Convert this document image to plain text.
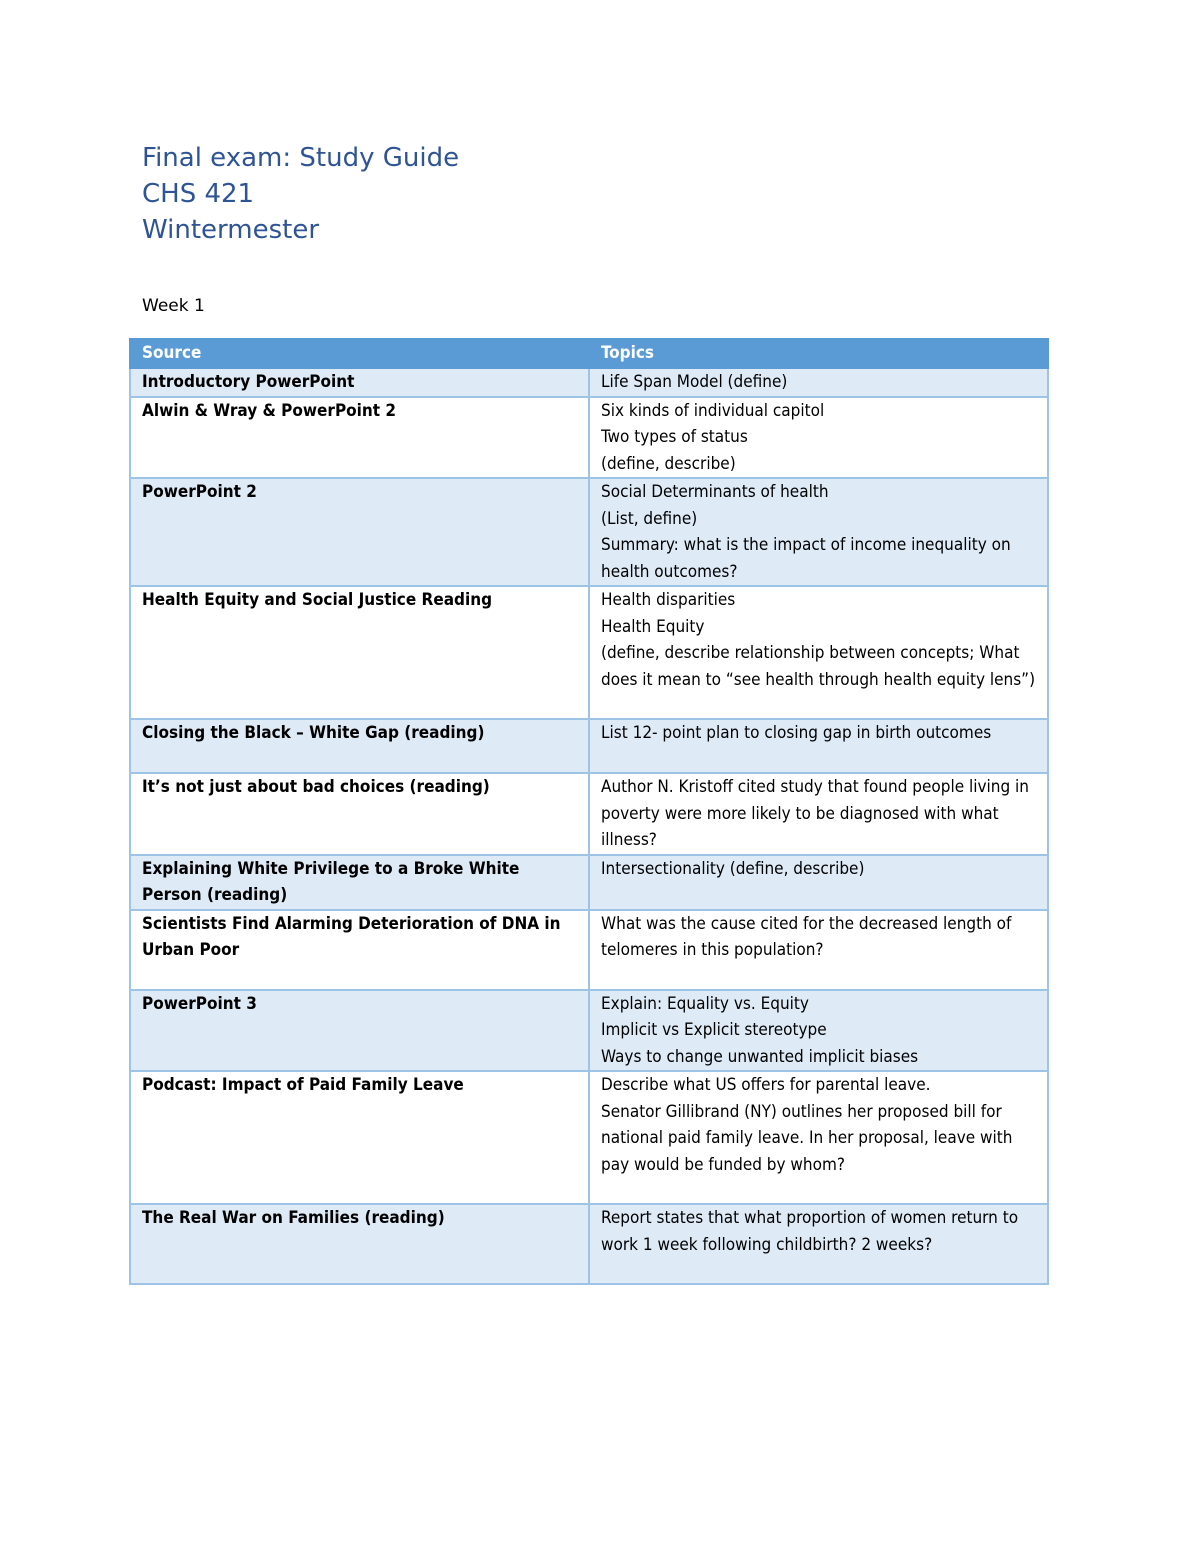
Final exam: Study Guide
CHS 421
Wintermester
Week 1
Source	Topics
Introductory PowerPoint	Life Span Model (define)

Alwin & Wray & PowerPoint 2	Six kinds of individual capitol
Two types of status
(define, describe)

PowerPoint 2	Social Determinants of health
(List, define)
Summary: what is the impact of income inequality on health outcomes?

Health Equity and Social Justice Reading	Health disparities
Health Equity
(define, describe relationship between concepts; What does it mean to “see health through health equity lens”)

Closing the Black – White Gap (reading)	List 12- point plan to closing gap in birth outcomes

It’s not just about bad choices (reading)	Author N. Kristoff cited study that found people living in poverty were more likely to be diagnosed with what illness?

Explaining White Privilege to a Broke White Person (reading)	Intersectionality (define, describe)

Scientists Find Alarming Deterioration of DNA in Urban Poor	What was the cause cited for the decreased length of telomeres in this population?

PowerPoint 3	Explain: Equality vs. Equity
Implicit vs Explicit stereotype
Ways to change unwanted implicit biases

Podcast: Impact of Paid Family Leave	Describe what US offers for parental leave.
Senator Gillibrand (NY) outlines her proposed bill for national paid family leave. In her proposal, leave with pay would be funded by whom?

The Real War on Families (reading)	Report states that what proportion of women return to work 1 week following childbirth? 2 weeks?
